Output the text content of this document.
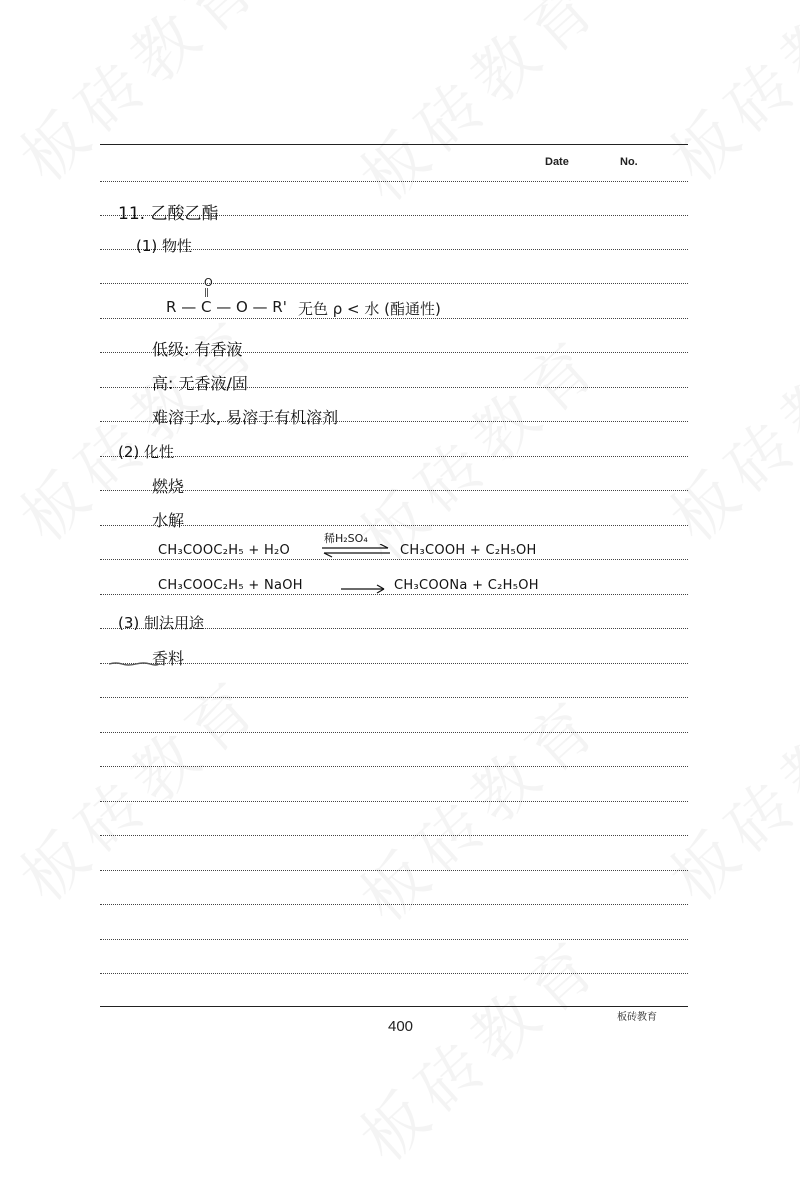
Date	No.
11. 乙酸乙酯
(1) 物性
O
||
R — C — O — R' 无色 ρ < 水 (酯通性)
低级: 有香液
高: 无香液/固
难溶于水, 易溶于有机溶剂
(2) 化性
燃烧
水解
CH₃COOC₂H₅ + H₂O
稀H₂SO₄
CH₃COOH + C₂H₅OH
CH₃COOC₂H₅ + NaOH	CH₃COONa + C₂H₅OH
(3) 制法用途
香料
板砖教育
400
